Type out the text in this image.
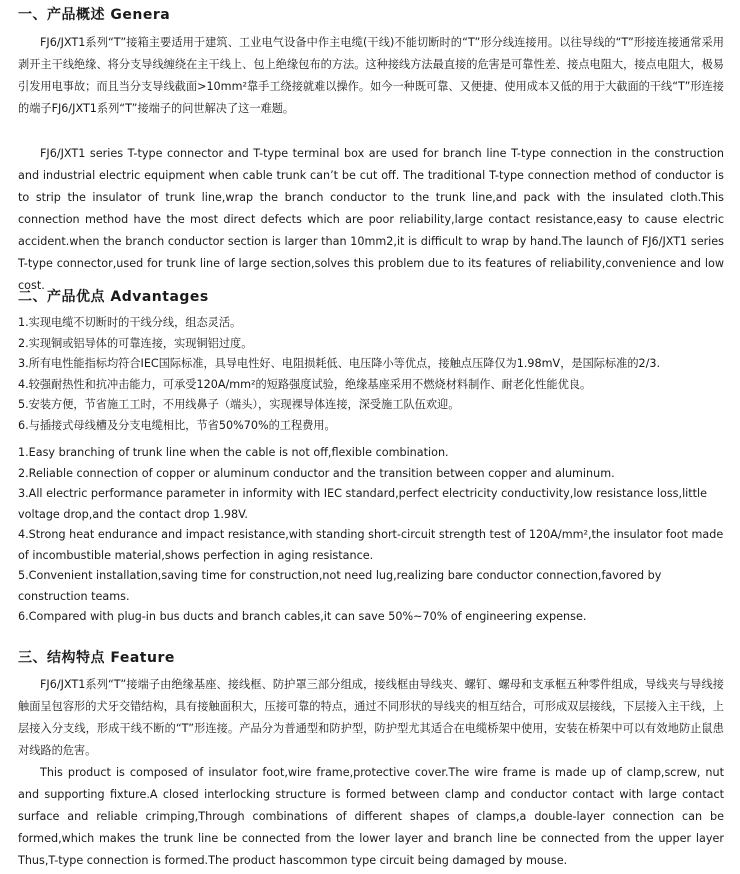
一、产品概述 Genera

FJ6/JXT1系列“T”接箱主要适用于建筑、工业电气设备中作主电缆(干线)不能切断时的“T”形分线连接用。以往导线的“T”形接连接通常采用剥开主干线绝缘、将分支导线缠绕在主干线上、包上绝缘包布的方法。这种接线方法最直接的危害是可靠性差、接点电阻大，接点电阻大，极易引发用电事故；而且当分支导线截面>10mm²靠手工绕接就难以操作。如今一种既可靠、又便捷、使用成本又低的用于大截面的干线“T”形连接的端子FJ6/JXT1系列“T”接端子的问世解决了这一难题。

FJ6/JXT1 series T-type connector and T-type terminal box are used for branch line T-type connection in the construction and industrial electric equipment when cable trunk can’t be cut off. The traditional T-type connection method of conductor is to strip the insulator of trunk line,wrap the branch conductor to the trunk line,and pack with the insulated cloth.This connection method have the most direct defects which are poor reliability,large contact resistance,easy to cause electric accident.when the branch conductor section is larger than 10mm2,it is difficult to wrap by hand.The launch of FJ6/JXT1 series T-type connector,used for trunk line of large section,solves this problem due to its features of reliability,convenience and low cost.

二、产品优点 Advantages
1.实现电缆不切断时的干线分线，组态灵活。
2.实现铜或铝导体的可靠连接，实现铜铝过度。
3.所有电性能指标均符合IEC国际标准，具导电性好、电阻损耗低、电压降小等优点，接触点压降仅为1.98mV，是国际标准的2/3.
4.较强耐热性和抗冲击能力，可承受120A/mm²的短路强度试验，绝缘基座采用不燃烧材料制作、耐老化性能优良。
5.安装方便，节省施工工时，不用线鼻子（端头），实现裸导体连接，深受施工队伍欢迎。
6.与插接式母线槽及分支电缆相比，节省50%70%的工程费用。
1.Easy branching of trunk line when the cable is not off,flexible combination.
2.Reliable connection of copper or aluminum conductor and the transition between copper and aluminum.
3.All electric performance parameter in informity with IEC standard,perfect electricity conductivity,low resistance loss,little voltage drop,and the contact drop 1.98V.
4.Strong heat endurance and impact resistance,with standing short-circuit strength test of 120A/mm²,the insulator foot made of incombustible material,shows perfection in aging resistance.
5.Convenient installation,saving time for construction,not need lug,realizing bare conductor connection,favored by construction teams.
6.Compared with plug-in bus ducts and branch cables,it can save 50%~70% of engineering expense.
三、结构特点 Feature

FJ6/JXT1系列“T”接端子由绝缘基座、接线框、防护罩三部分组成，接线框由导线夹、螺钉、螺母和支承框五种零件组成，导线夹与导线接触面呈包容形的犬牙交错结构，具有接触面积大，压接可靠的特点，通过不同形状的导线夹的相互结合，可形成双层接线，下层接入主干线，上层接入分支线，形成干线不断的“T”形连接。产品分为普通型和防护型，防护型尤其适合在电缆桥架中使用，安装在桥架中可以有效地防止鼠患对线路的危害。

This product is composed of insulator foot,wire frame,protective cover.The wire frame is made up of clamp,screw, nut and supporting fixture.A closed interlocking structure is formed between clamp and conductor contact with large contact surface and reliable crimping,Through combinations of different shapes of clamps,a double-layer connection can be formed,which makes the trunk line be connected from the lower layer and branch line be connected from the upper layer Thus,T-type connection is formed.The product hascommon type circuit being damaged by mouse.
